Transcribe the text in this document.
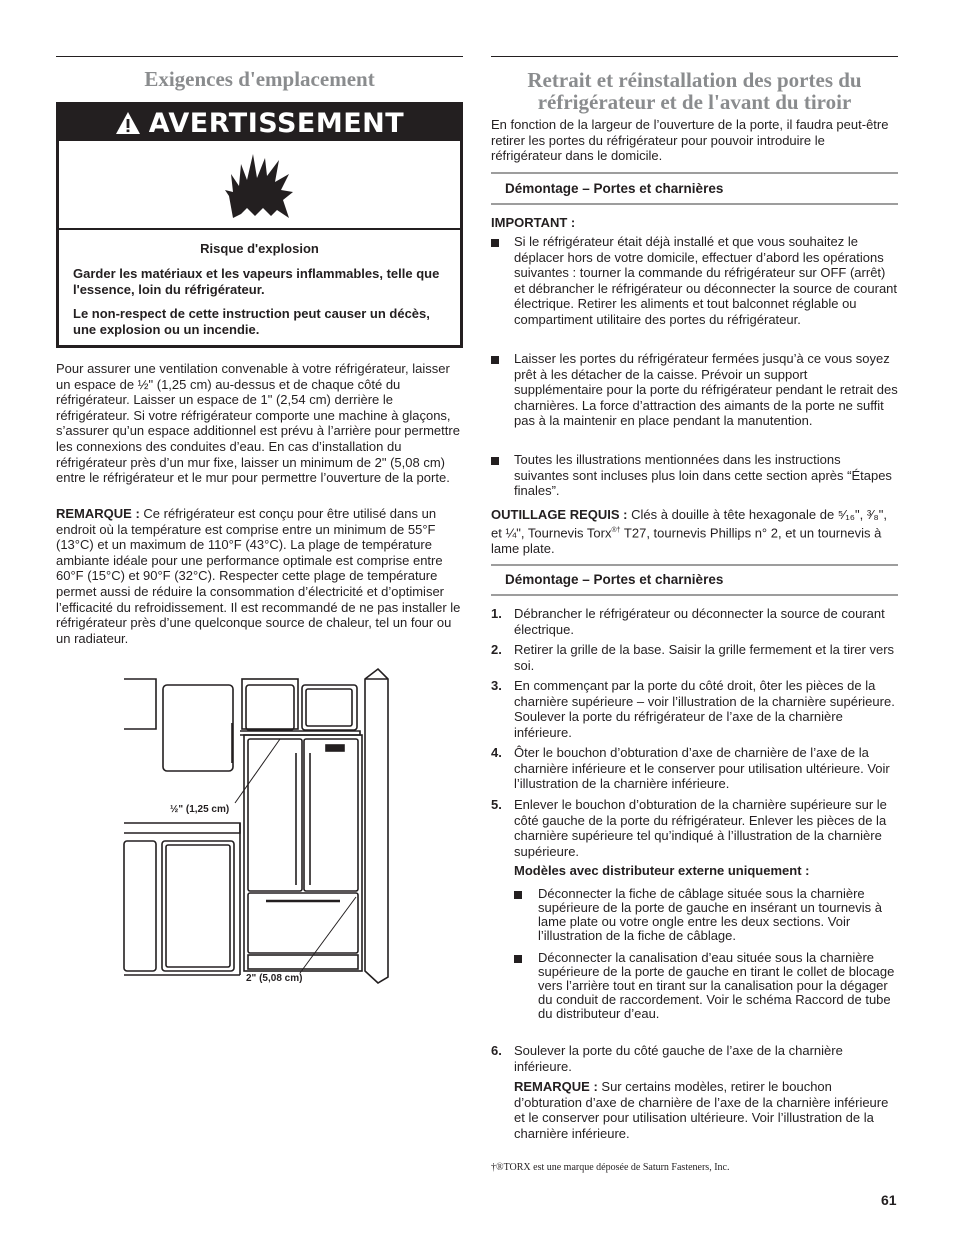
Exigences d'emplacement
AVERTISSEMENT

Risque d'explosion

Garder les matériaux et les vapeurs inflammables, telle que l'essence, loin du réfrigérateur.

Le non-respect de cette instruction peut causer un décès, une explosion ou un incendie.

Pour assurer une ventilation convenable à votre réfrigérateur, laisser un espace de ½" (1,25 cm) au-dessus et de chaque côté du réfrigérateur. Laisser un espace de 1" (2,54 cm) derrière le réfrigérateur. Si votre réfrigérateur comporte une machine à glaçons, s’assurer qu’un espace additionnel est prévu à l’arrière pour permettre les connexions des conduites d’eau. En cas d’installation du réfrigérateur près d’un mur fixe, laisser un minimum de 2" (5,08 cm) entre le réfrigérateur et le mur pour permettre l’ouverture de la porte.

REMARQUE : Ce réfrigérateur est conçu pour être utilisé dans un endroit où la température est comprise entre un minimum de 55°F (13°C) et un maximum de 110°F (43°C). La plage de température ambiante idéale pour une performance optimale est comprise entre 60°F (15°C) et 90°F (32°C). Respecter cette plage de température permet aussi de réduire la consommation d’électricité et d’optimiser l’efficacité du refroidissement. Il est recommandé de ne pas installer le réfrigérateur près d’une quelconque source de chaleur, tel un four ou un radiateur.

½" (1,25 cm)
2" (5,08 cm)
Retrait et réinstallation des portes du réfrigérateur et de l'avant du tiroir

En fonction de la largeur de l’ouverture de la porte, il faudra peut-être retirer les portes du réfrigérateur pour pouvoir introduire le réfrigérateur dans le domicile.

Démontage – Portes et charnières

IMPORTANT :

Si le réfrigérateur était déjà installé et que vous souhaitez le déplacer hors de votre domicile, effectuer d’abord les opérations suivantes : tourner la commande du réfrigérateur sur OFF (arrêt) et débrancher le réfrigérateur ou déconnecter la source de courant électrique. Retirer les aliments et tout balconnet réglable ou compartiment utilitaire des portes du réfrigérateur.

Laisser les portes du réfrigérateur fermées jusqu’à ce vous soyez prêt à les détacher de la caisse. Prévoir un support supplémentaire pour la porte du réfrigérateur pendant le retrait des charnières. La force d’attraction des aimants de la porte ne suffit pas à la maintenir en place pendant la manutention.

Toutes les illustrations mentionnées dans les instructions suivantes sont incluses plus loin dans cette section après “Étapes finales”.

OUTILLAGE REQUIS : Clés à douille à tête hexagonale de ⁵⁄₁₆", ³⁄₈", et ¼", Tournevis Torx®† T27, tournevis Phillips n° 2, et un tournevis à lame plate.

Démontage – Portes et charnières

1. Débrancher le réfrigérateur ou déconnecter la source de courant électrique.

2. Retirer la grille de la base. Saisir la grille fermement et la tirer vers soi.

3. En commençant par la porte du côté droit, ôter les pièces de la charnière supérieure – voir l’illustration de la charnière supérieure. Soulever la porte du réfrigérateur de l’axe de la charnière inférieure.

4. Ôter le bouchon d’obturation d’axe de charnière de l’axe de la charnière inférieure et le conserver pour utilisation ultérieure. Voir l’illustration de la charnière inférieure.

5. Enlever le bouchon d’obturation de la charnière supérieure sur le côté gauche de la porte du réfrigérateur. Enlever les pièces de la charnière supérieure tel qu’indiqué à l’illustration de la charnière supérieure.

Modèles avec distributeur externe uniquement :

Déconnecter la fiche de câblage située sous la charnière supérieure de la porte de gauche en insérant un tournevis à lame plate ou votre ongle entre les deux sections. Voir l’illustration de la fiche de câblage.

Déconnecter la canalisation d’eau située sous la charnière supérieure de la porte de gauche en tirant le collet de blocage vers l’arrière tout en tirant sur la canalisation pour la dégager du conduit de raccordement. Voir le schéma Raccord de tube du distributeur d’eau.

6. Soulever la porte du côté gauche de l’axe de la charnière inférieure.

REMARQUE : Sur certains modèles, retirer le bouchon d’obturation d’axe de charnière de l’axe de la charnière inférieure et le conserver pour utilisation ultérieure. Voir l’illustration de la charnière inférieure.

†®TORX est une marque déposée de Saturn Fasteners, Inc.
61
